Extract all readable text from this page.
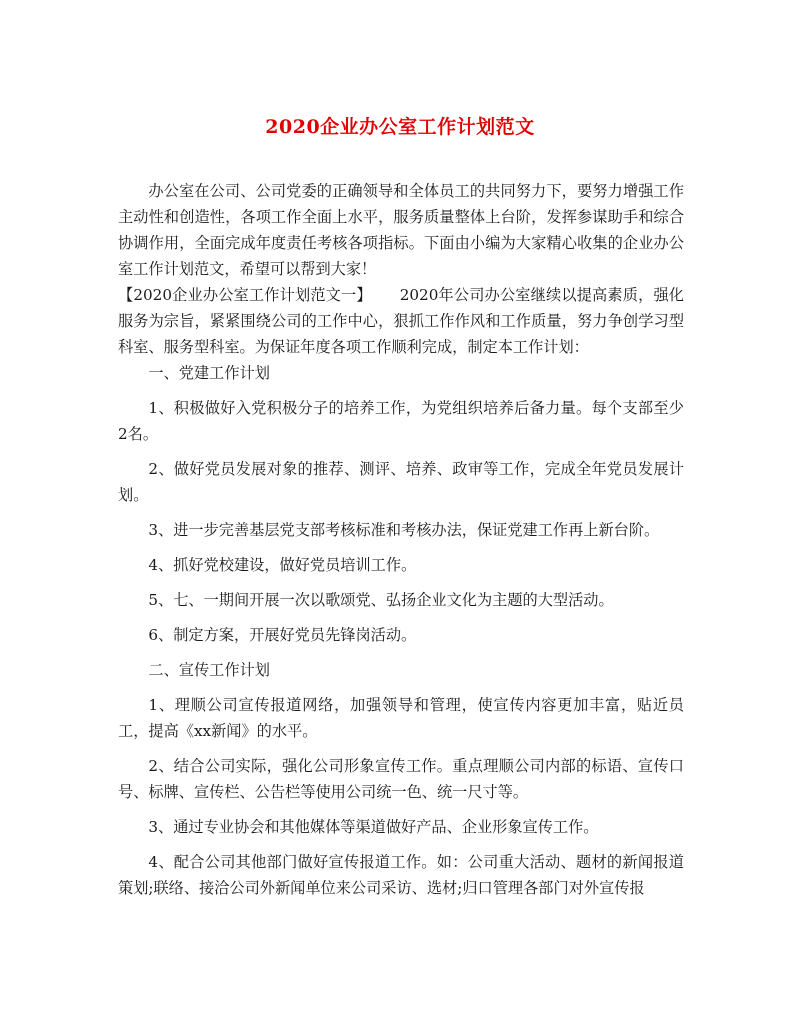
2020企业办公室工作计划范文

办公室在公司、公司党委的正确领导和全体员工的共同努力下，要努力增强工作主动性和创造性，各项工作全面上水平，服务质量整体上台阶，发挥参谋助手和综合协调作用，全面完成年度责任考核各项指标。下面由小编为大家精心收集的企业办公室工作计划范文，希望可以帮到大家！

【2020企业办公室工作计划范文一】 2020年公司办公室继续以提高素质，强化服务为宗旨，紧紧围绕公司的工作中心，狠抓工作作风和工作质量，努力争创学习型科室、服务型科室。为保证年度各项工作顺利完成，制定本工作计划：

一、党建工作计划

1、积极做好入党积极分子的培养工作，为党组织培养后备力量。每个支部至少2名。

2、做好党员发展对象的推荐、测评、培养、政审等工作，完成全年党员发展计划。

3、进一步完善基层党支部考核标准和考核办法，保证党建工作再上新台阶。

4、抓好党校建设，做好党员培训工作。

5、七、一期间开展一次以歌颂党、弘扬企业文化为主题的大型活动。

6、制定方案，开展好党员先锋岗活动。

二、宣传工作计划

1、理顺公司宣传报道网络，加强领导和管理，使宣传内容更加丰富，贴近员工，提高《xx新闻》的水平。

2、结合公司实际，强化公司形象宣传工作。重点理顺公司内部的标语、宣传口号、标牌、宣传栏、公告栏等使用公司统一色、统一尺寸等。

3、通过专业协会和其他媒体等渠道做好产品、企业形象宣传工作。

4、配合公司其他部门做好宣传报道工作。如：公司重大活动、题材的新闻报道策划;联络、接洽公司外新闻单位来公司采访、选材;归口管理各部门对外宣传报
